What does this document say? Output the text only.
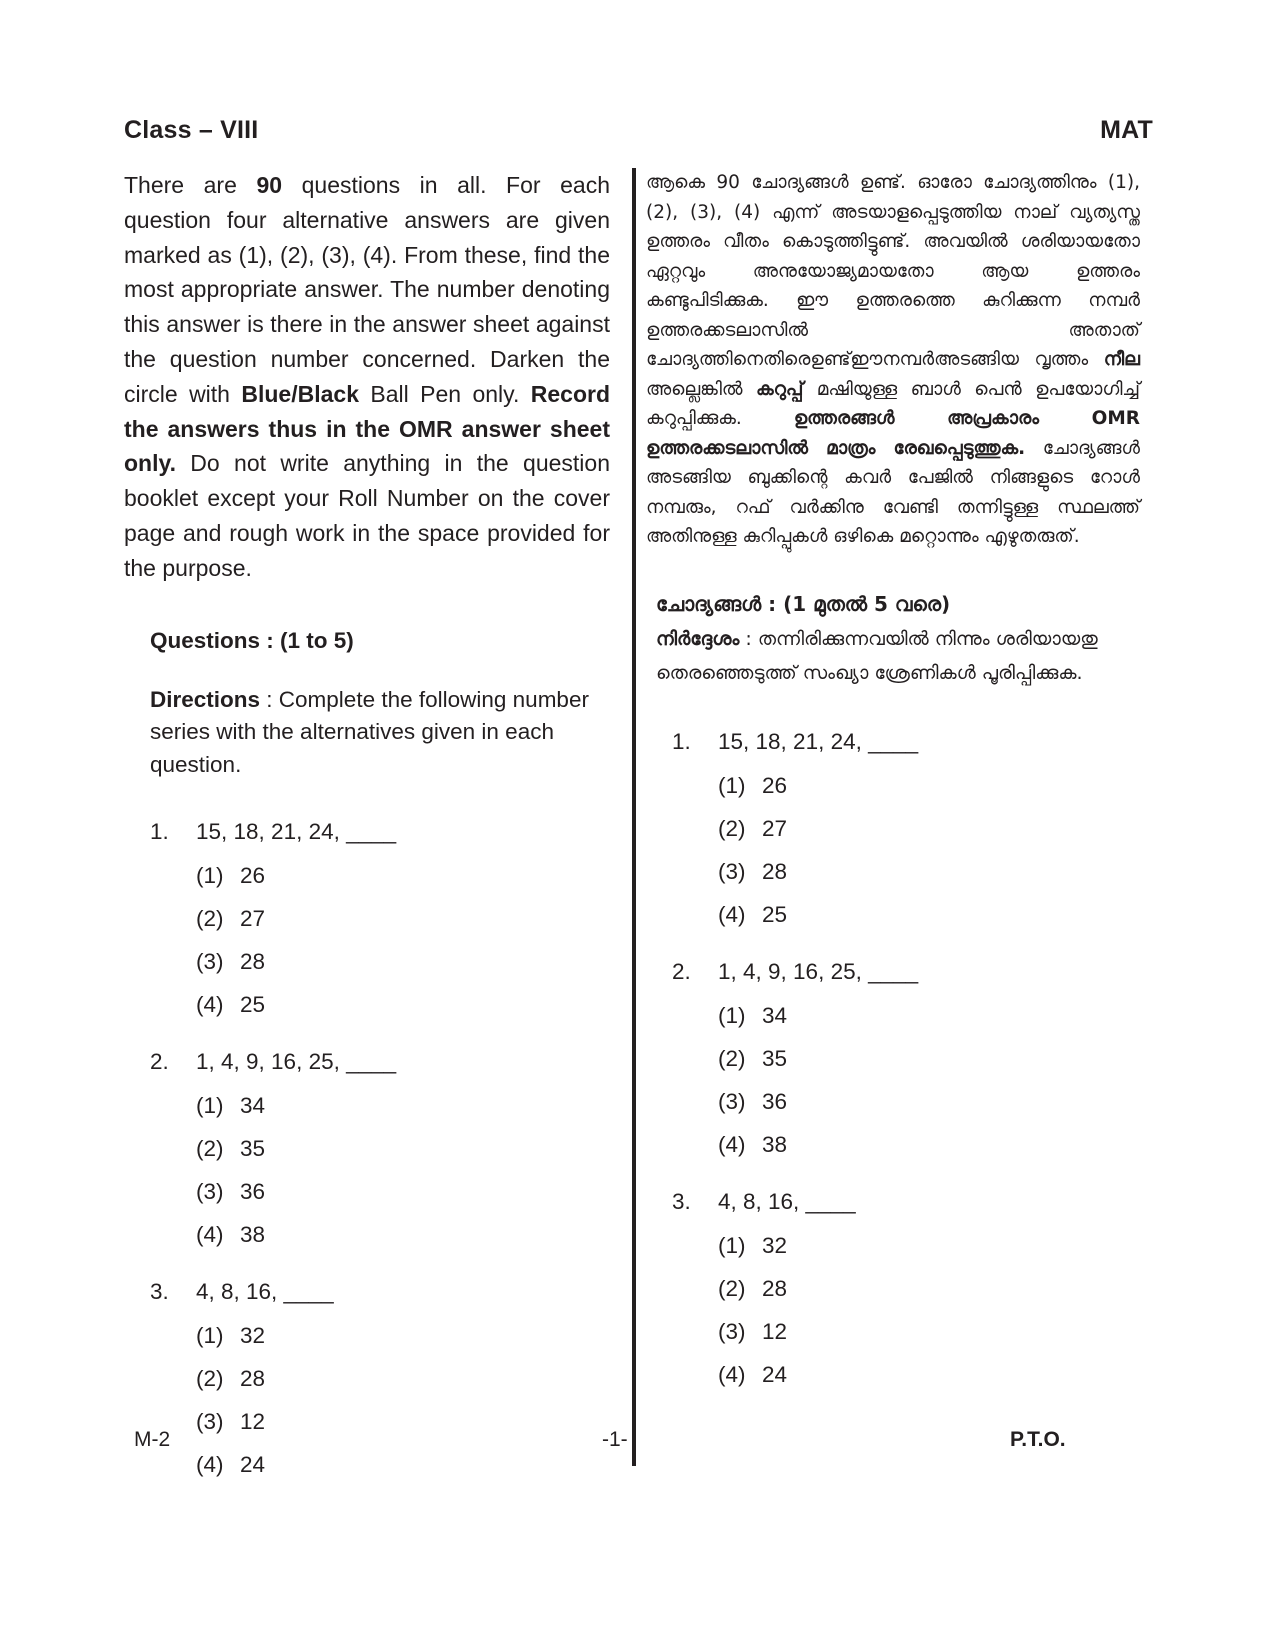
Class – VIII	MAT

There are 90 questions in all. For each question four alternative answers are given marked as (1), (2), (3), (4). From these, find the most appropriate answer. The number denoting this answer is there in the answer sheet against the question number concerned. Darken the circle with Blue/Black Ball Pen only. Record the answers thus in the OMR answer sheet only. Do not write anything in the question booklet except your Roll Number on the cover page and rough work in the space provided for the purpose.

Questions : (1 to 5)

Directions : Complete the following number series with the alternatives given in each question.

1.	15, 18, 21, 24, ____
(1) 26
(2) 27
(3) 28
(4) 25
2.	1, 4, 9, 16, 25, ____
(1) 34
(2) 35
(3) 36
(4) 38
3.	4, 8, 16, ____
(1) 32
(2) 28
(3) 12
(4) 24

ആകെ 90 ചോദ്യങ്ങൾ ഉണ്ട്. ഓരോ ചോദ്യത്തിനും (1), (2), (3), (4) എന്ന് അടയാളപ്പെടുത്തിയ നാല് വ്യത്യസ്ത ഉത്തരം വീതം കൊടുത്തിട്ടുണ്ട്. അവയിൽ ശരിയായതോ ഏറ്റവും അനുയോജ്യമായതോ ആയ ഉത്തരം കണ്ടുപിടിക്കുക. ഈ ഉത്തരത്തെ കുറിക്കുന്ന നമ്പർ ഉത്തരക്കടലാസിൽ അതാത് ചോദ്യത്തിനെതിരെഉണ്ട്ഈനമ്പർഅടങ്ങിയ വൃത്തം നീല അല്ലെങ്കിൽ കറുപ്പ് മഷിയുള്ള ബാൾ പെൻ ഉപയോഗിച്ച് കറുപ്പിക്കുക. ഉത്തരങ്ങൾ അപ്രകാരം OMR ഉത്തരക്കടലാസിൽ മാത്രം രേഖപ്പെടുത്തുക. ചോദ്യങ്ങൾ അടങ്ങിയ ബുക്കിന്റെ കവർ പേജിൽ നിങ്ങളുടെ റോൾ നമ്പരും, റഫ് വർക്കിനു വേണ്ടി തന്നിട്ടുള്ള സ്ഥലത്ത് അതിനുള്ള കുറിപ്പുകൾ ഒഴികെ മറ്റൊന്നും എഴുതരുത്.

ചോദ്യങ്ങൾ : (1 മുതൽ 5 വരെ)

നിർദ്ദേശം : തന്നിരിക്കുന്നവയിൽ നിന്നും ശരിയായതു തെരഞ്ഞെടുത്ത് സംഖ്യാ ശ്രേണികൾ പൂരിപ്പിക്കുക.

1.	15, 18, 21, 24, ____
(1) 26
(2) 27
(3) 28
(4) 25
2.	1, 4, 9, 16, 25, ____
(1) 34
(2) 35
(3) 36
(4) 38
3.	4, 8, 16, ____
(1) 32
(2) 28
(3) 12
(4) 24
M-2	-1-	P.T.O.
